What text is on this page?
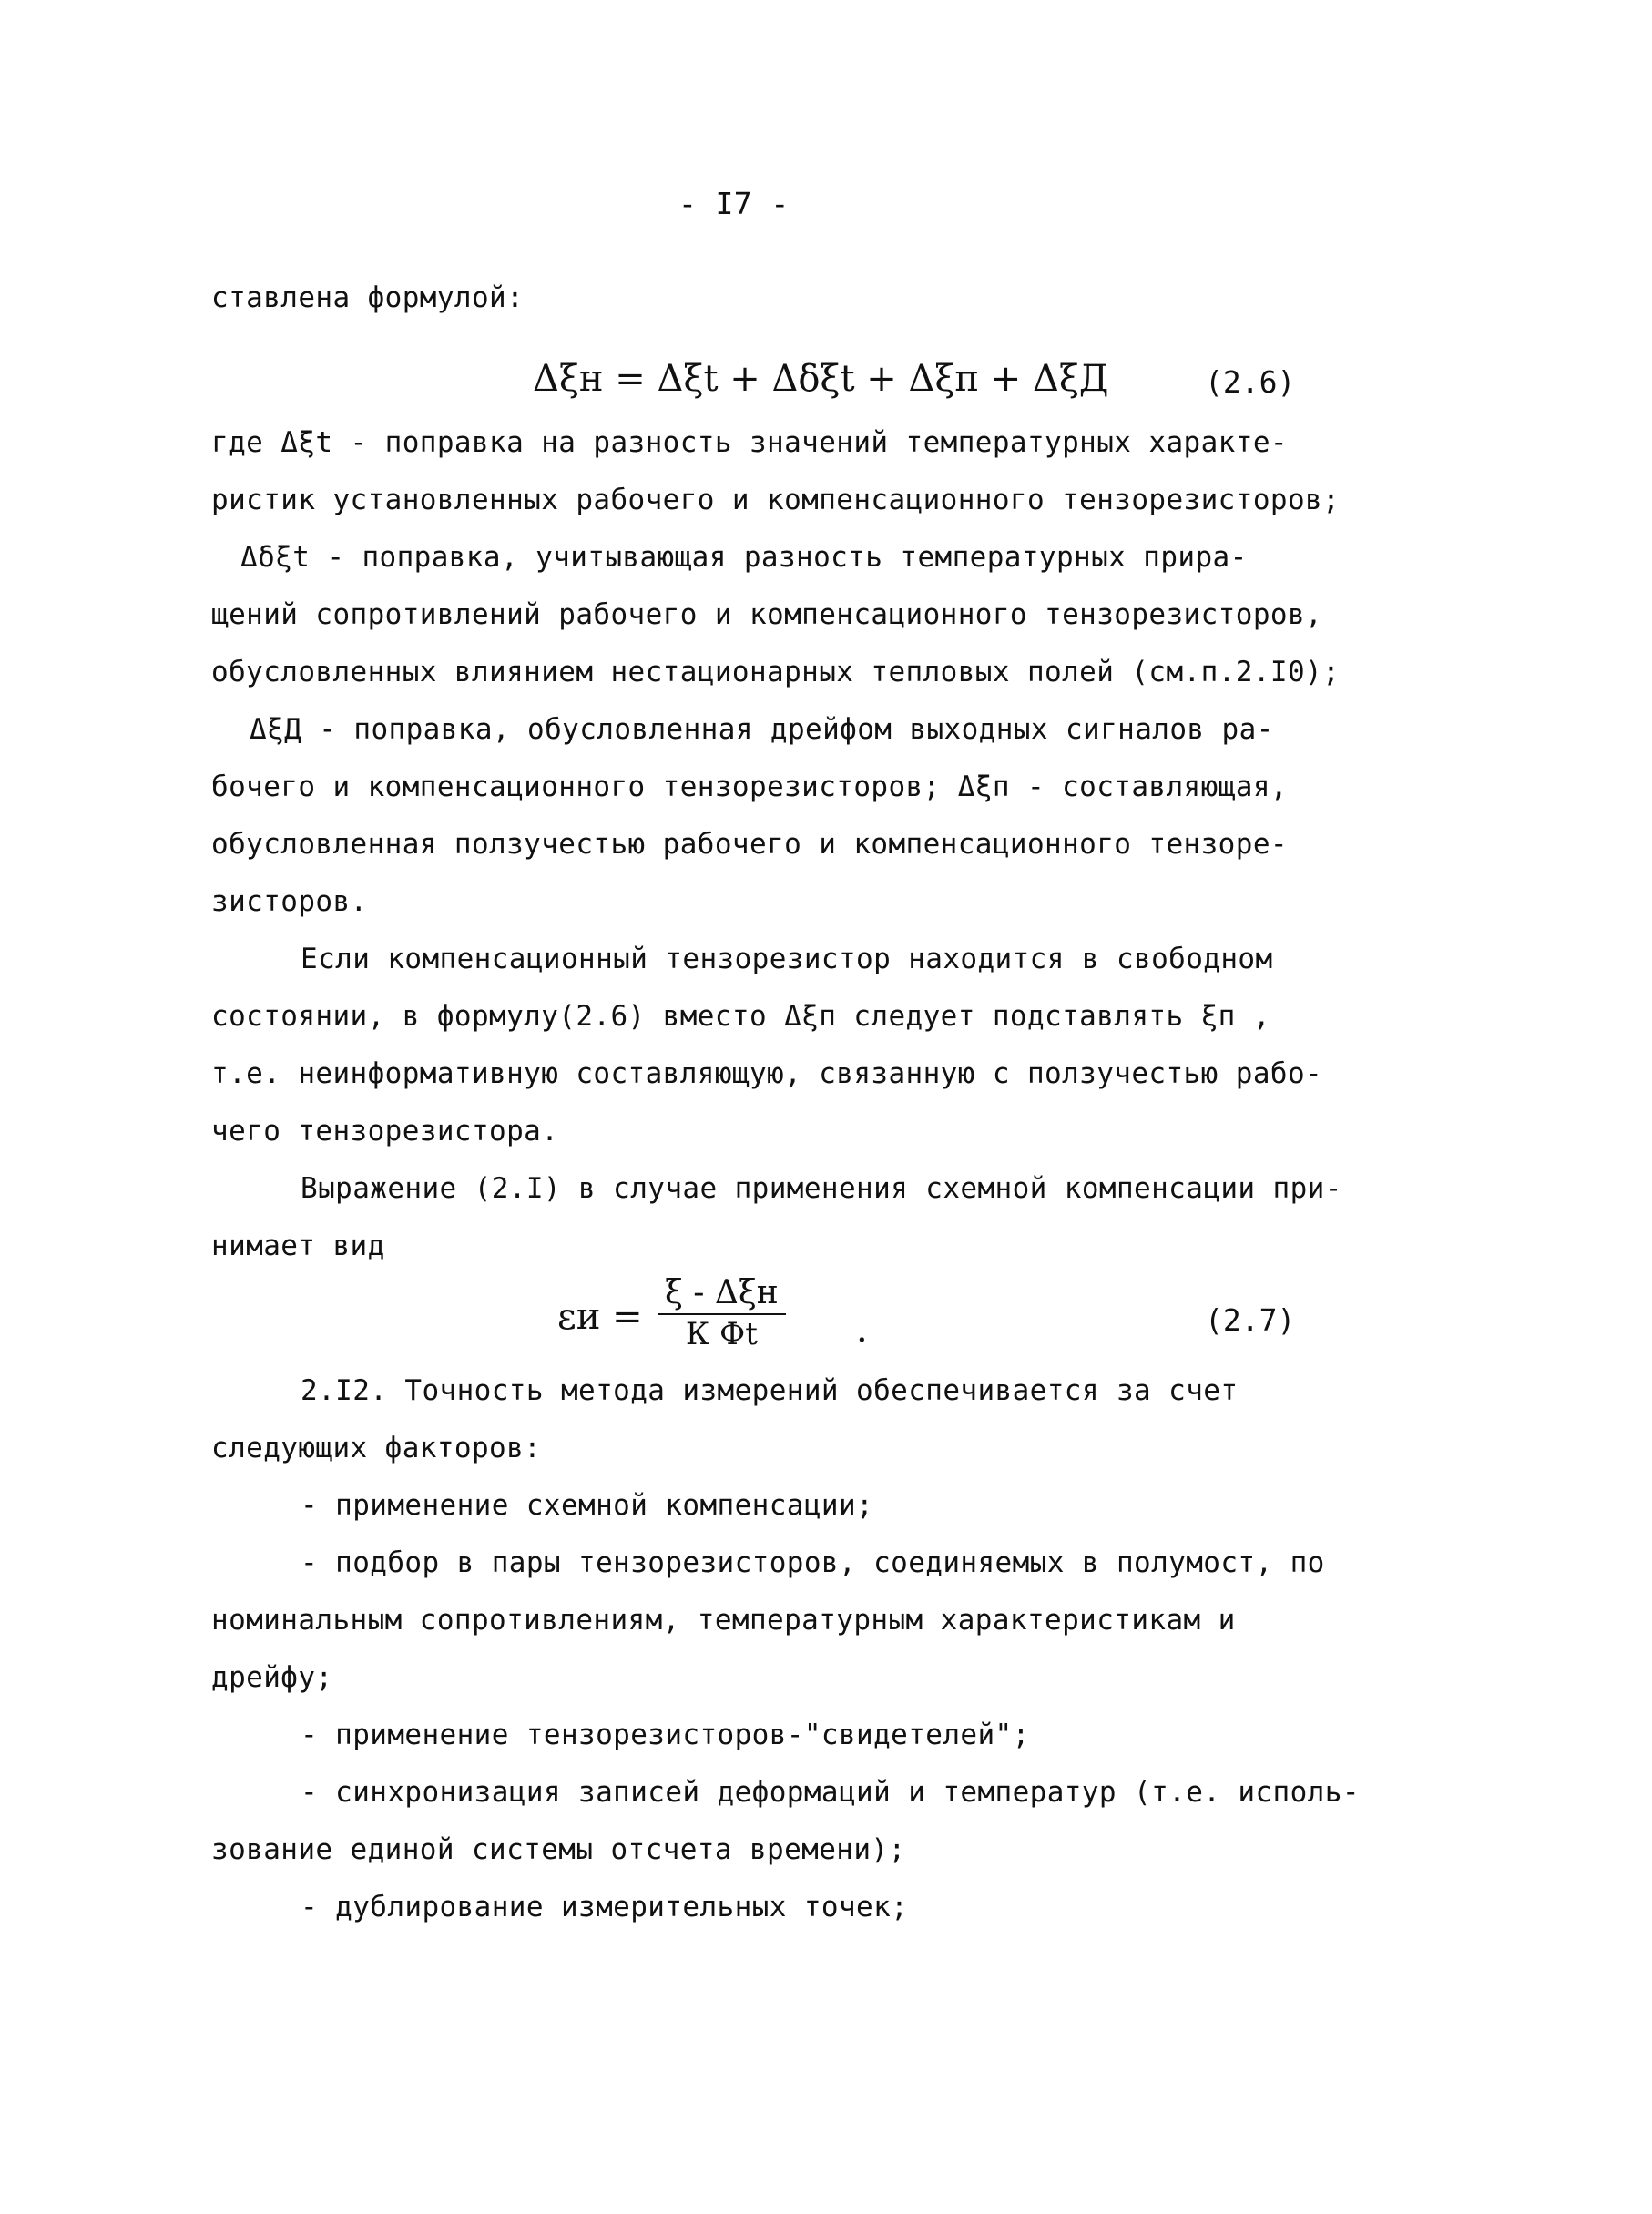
- I7 -
ставлена формулой:
Δξн = Δξt + Δδξt + Δξп + ΔξД	(2.6)
где Δξt - поправка на разность значений температурных характе-
ристик установленных рабочего и компенсационного тензорезисторов;
Δδξt - поправка, учитывающая разность температурных прира-
щений сопротивлений рабочего и компенсационного тензорезисторов,
обусловленных влиянием нестационарных тепловых полей (см.п.2.I0);
ΔξД - поправка, обусловленная дрейфом выходных сигналов ра-
бочего и компенсационного тензорезисторов; Δξп - составляющая,
обусловленная ползучестью рабочего и компенсационного тензоре-
зисторов.
Если компенсационный тензорезистор находится в свободном
состоянии, в формулу(2.6) вместо Δξп следует подставлять ξп ,
т.е. неинформативную составляющую, связанную с ползучестью рабо-
чего тензорезистора.
Выражение (2.I) в случае применения схемной компенсации при-
нимает вид
εи =
ξ - Δξн
К Фt	.	(2.7)
2.I2. Точность метода измерений обеспечивается за счет
следующих факторов:
- применение схемной компенсации;
- подбор в пары тензорезисторов, соединяемых в полумост, по
номинальным сопротивлениям, температурным характеристикам и
дрейфу;
- применение тензорезисторов-"свидетелей";
- синхронизация записей деформаций и температур (т.е. исполь-
зование единой системы отсчета времени);
- дублирование измерительных точек;
